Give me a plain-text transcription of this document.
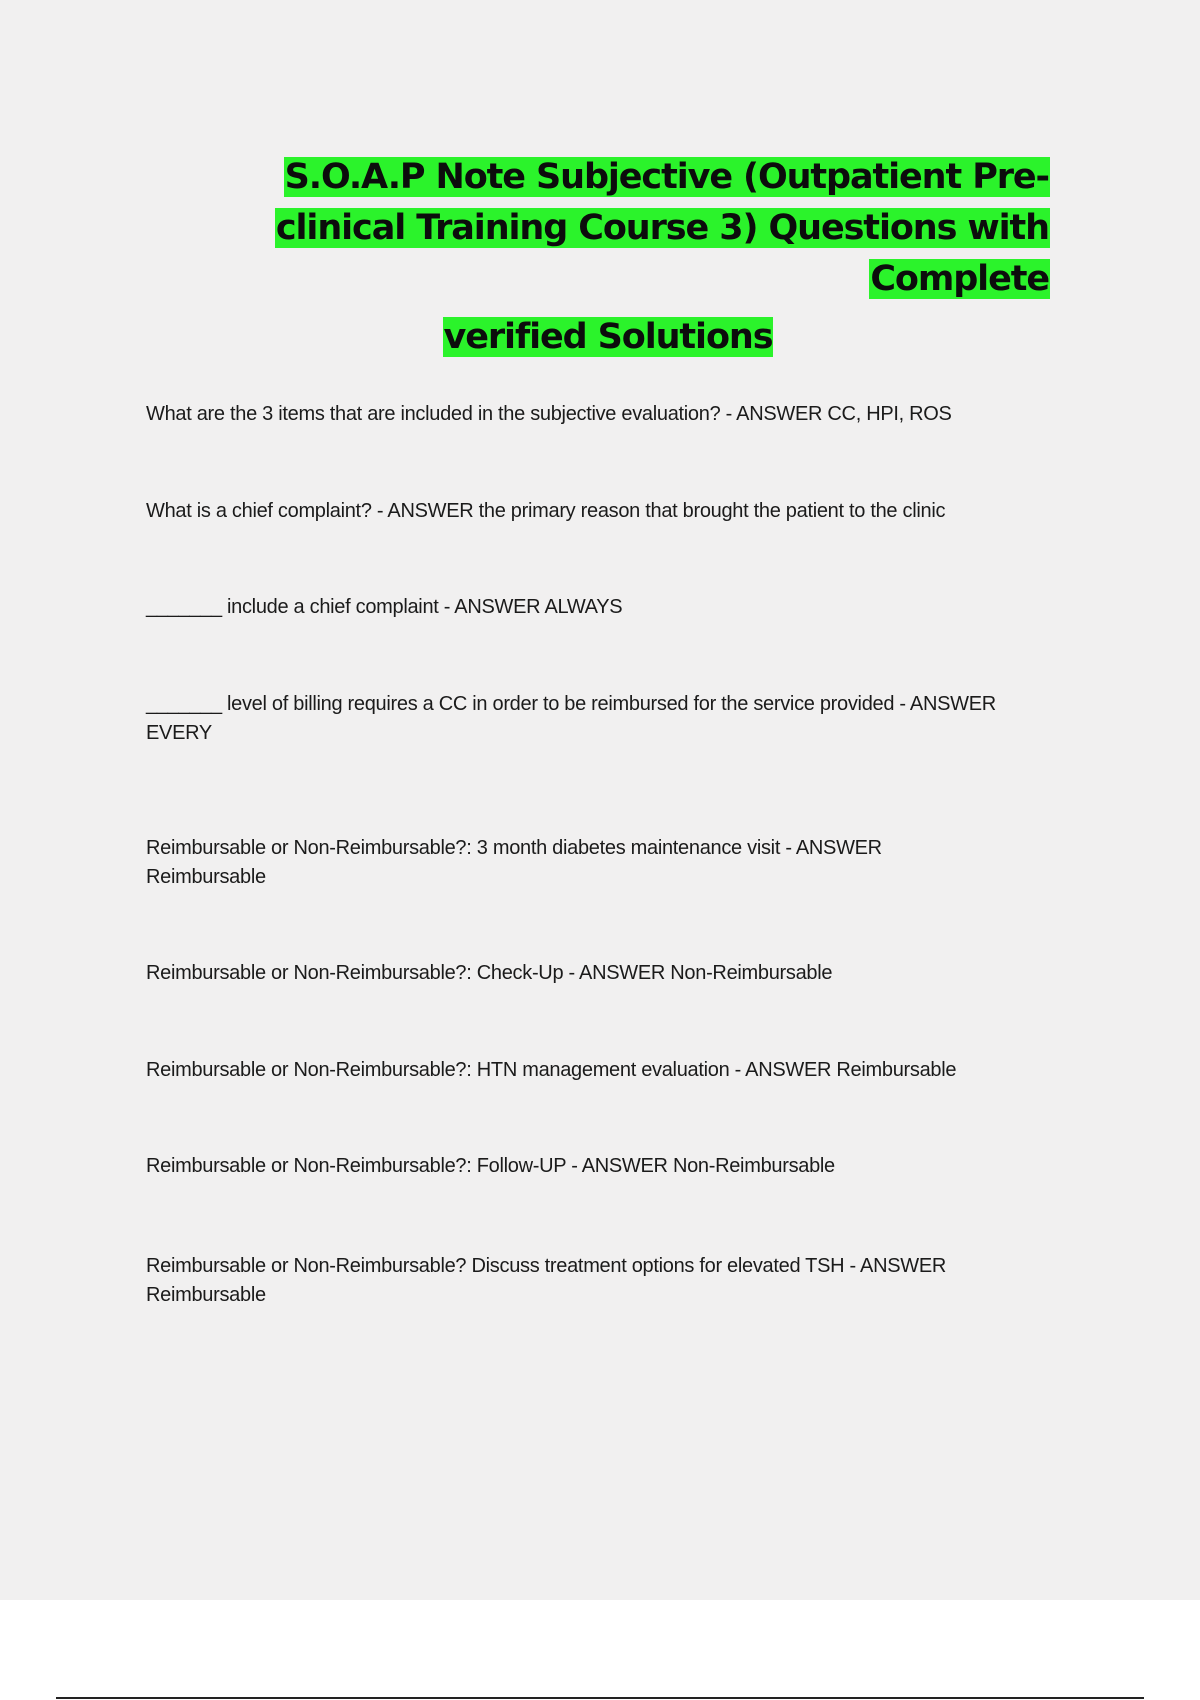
S.O.A.P Note Subjective (Outpatient Pre-
clinical Training Course 3) Questions with
Complete
verified Solutions

What are the 3 items that are included in the subjective evaluation? - ANSWER CC, HPI, ROS

What is a chief complaint? - ANSWER the primary reason that brought the patient to the clinic

_______ include a chief complaint - ANSWER ALWAYS

_______ level of billing requires a CC in order to be reimbursed for the service provided - ANSWER EVERY

Reimbursable or Non-Reimbursable?: 3 month diabetes maintenance visit - ANSWER Reimbursable

Reimbursable or Non-Reimbursable?: Check-Up - ANSWER Non-Reimbursable

Reimbursable or Non-Reimbursable?: HTN management evaluation - ANSWER Reimbursable

Reimbursable or Non-Reimbursable?: Follow-UP - ANSWER Non-Reimbursable

Reimbursable or Non-Reimbursable? Discuss treatment options for elevated TSH - ANSWER Reimbursable
